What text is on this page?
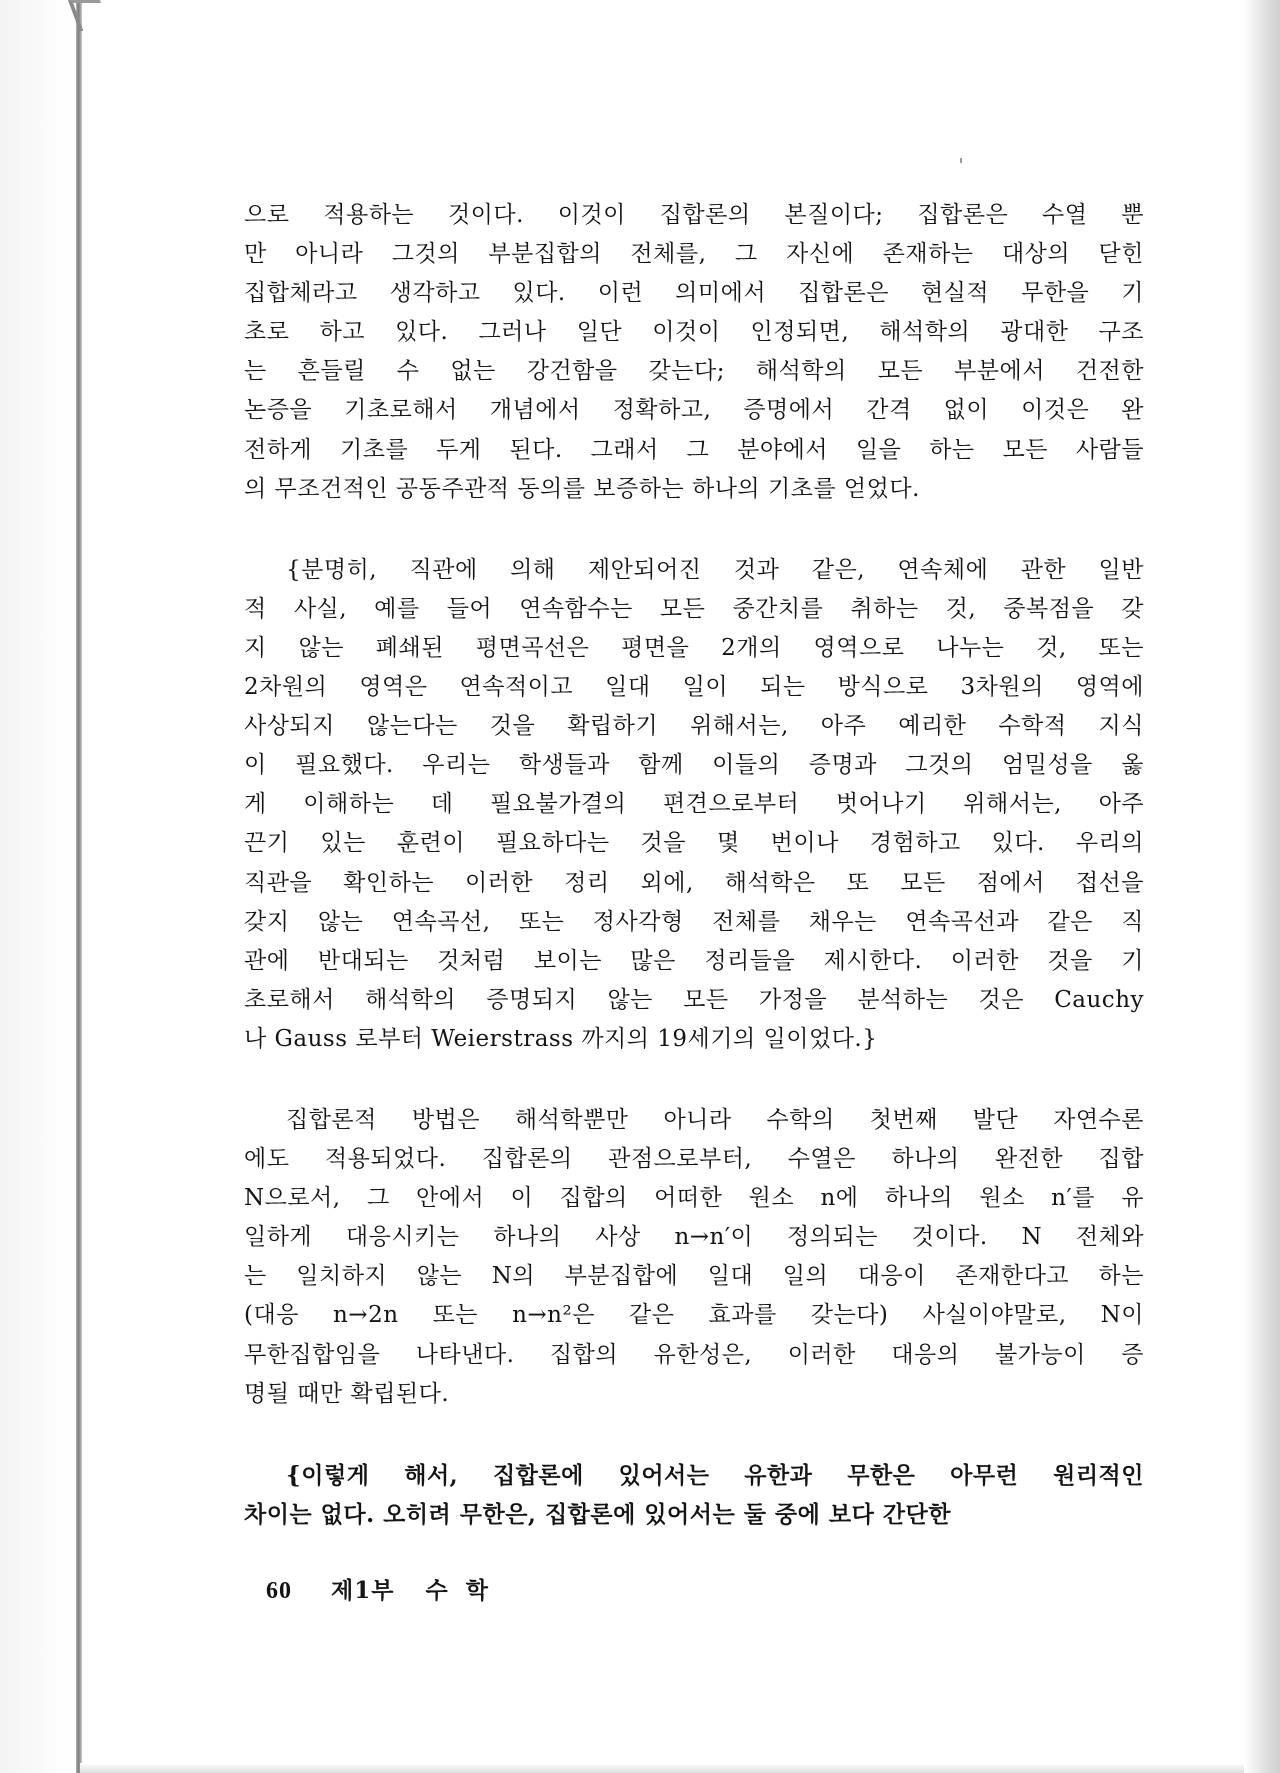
으로 적용하는 것이다. 이것이 집합론의 본질이다; 집합론은 수열 뿐
만 아니라 그것의 부분집합의 전체를, 그 자신에 존재하는 대상의 닫힌
집합체라고 생각하고 있다. 이런 의미에서 집합론은 현실적 무한을 기
초로 하고 있다. 그러나 일단 이것이 인정되면, 해석학의 광대한 구조
는 흔들릴 수 없는 강건함을 갖는다; 해석학의 모든 부분에서 건전한
논증을 기초로해서 개념에서 정확하고, 증명에서 간격 없이 이것은 완
전하게 기초를 두게 된다. 그래서 그 분야에서 일을 하는 모든 사람들
의 무조건적인 공동주관적 동의를 보증하는 하나의 기초를 얻었다.
{분명히, 직관에 의해 제안되어진 것과 같은, 연속체에 관한 일반
적 사실, 예를 들어 연속함수는 모든 중간치를 취하는 것, 중복점을 갖
지 않는 폐쇄된 평면곡선은 평면을 2개의 영역으로 나누는 것, 또는
2차원의 영역은 연속적이고 일대 일이 되는 방식으로 3차원의 영역에
사상되지 않는다는 것을 확립하기 위해서는, 아주 예리한 수학적 지식
이 필요했다. 우리는 학생들과 함께 이들의 증명과 그것의 엄밀성을 옳
게 이해하는 데 필요불가결의 편견으로부터 벗어나기 위해서는, 아주
끈기 있는 훈련이 필요하다는 것을 몇 번이나 경험하고 있다. 우리의
직관을 확인하는 이러한 정리 외에, 해석학은 또 모든 점에서 접선을
갖지 않는 연속곡선, 또는 정사각형 전체를 채우는 연속곡선과 같은 직
관에 반대되는 것처럼 보이는 많은 정리들을 제시한다. 이러한 것을 기
초로해서 해석학의 증명되지 않는 모든 가정을 분석하는 것은 Cauchy
나 Gauss 로부터 Weierstrass 까지의 19세기의 일이었다.}
집합론적 방법은 해석학뿐만 아니라 수학의 첫번째 발단 자연수론
에도 적용되었다. 집합론의 관점으로부터, 수열은 하나의 완전한 집합
N으로서, 그 안에서 이 집합의 어떠한 원소 n에 하나의 원소 n′를 유
일하게 대응시키는 하나의 사상 n→n′이 정의되는 것이다. N 전체와
는 일치하지 않는 N의 부분집합에 일대 일의 대응이 존재한다고 하는
(대응 n→2n 또는 n→n²은 같은 효과를 갖는다) 사실이야말로, N이
무한집합임을 나타낸다. 집합의 유한성은, 이러한 대응의 불가능이 증
명될 때만 확립된다.
{이렇게 해서, 집합론에 있어서는 유한과 무한은 아무런 원리적인
차이는 없다. 오히려 무한은, 집합론에 있어서는 둘 중에 보다 간단한
60 제1부 수학
